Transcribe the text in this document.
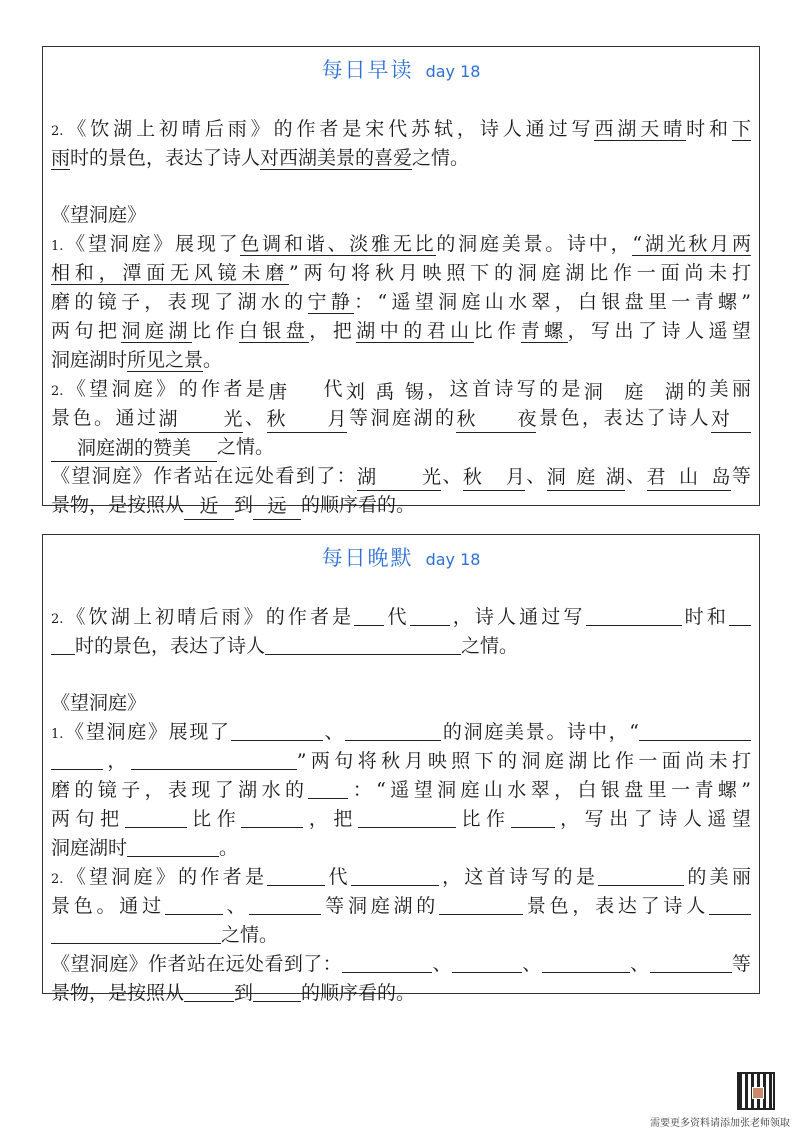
每日早读 day 18
2.《饮湖上初晴后雨》的作者是宋代苏轼，诗人通过写西湖天晴时和下
雨时的景色，表达了诗人对西湖美景的喜爱之情。
《望洞庭》
1.《望洞庭》展现了色调和谐、淡雅无比的洞庭美景。诗中，“湖光秋月两
相和，潭面无风镜未磨”两句将秋月映照下的洞庭湖比作一面尚未打
磨的镜子，表现了湖水的宁静：“遥望洞庭山水翠，白银盘里一青螺”
两句把洞庭湖比作白银盘，把湖中的君山比作青螺，写出了诗人遥望
洞庭湖时所见之景。
2.《望洞庭》的作者是唐 代刘禹锡，这首诗写的是洞庭湖的美丽
景色。通过湖光、秋月等洞庭湖的秋夜景色，表达了诗人对
洞庭湖的赞美 之情。
《望洞庭》作者站在远处看到了：湖光、秋月、洞庭湖、君山岛等
景物，是按照从 近 到 远 的顺序看的。
每日晚默 day 18
2.《饮湖上初晴后雨》的作者是 代 ，诗人通过写	时和
时的景色，表达了诗人	之情。
《望洞庭》
1.《望洞庭》展现了	、	的洞庭美景。诗中，“
，	”两句将秋月映照下的洞庭湖比作一面尚未打
磨的镜子，表现了湖水的 ：“遥望洞庭山水翠，白银盘里一青螺”
两句把	比作	，把	比作 ，写出了诗人遥望
洞庭湖时	。
2.《望洞庭》的作者是	代	，这首诗写的是	的美丽
景色。通过	、	等洞庭湖的	景色，表达了诗人
之情。
《望洞庭》作者站在远处看到了：	、	、	、	等
景物，是按照从	到	的顺序看的。
需要更多资料请添加张老师领取
